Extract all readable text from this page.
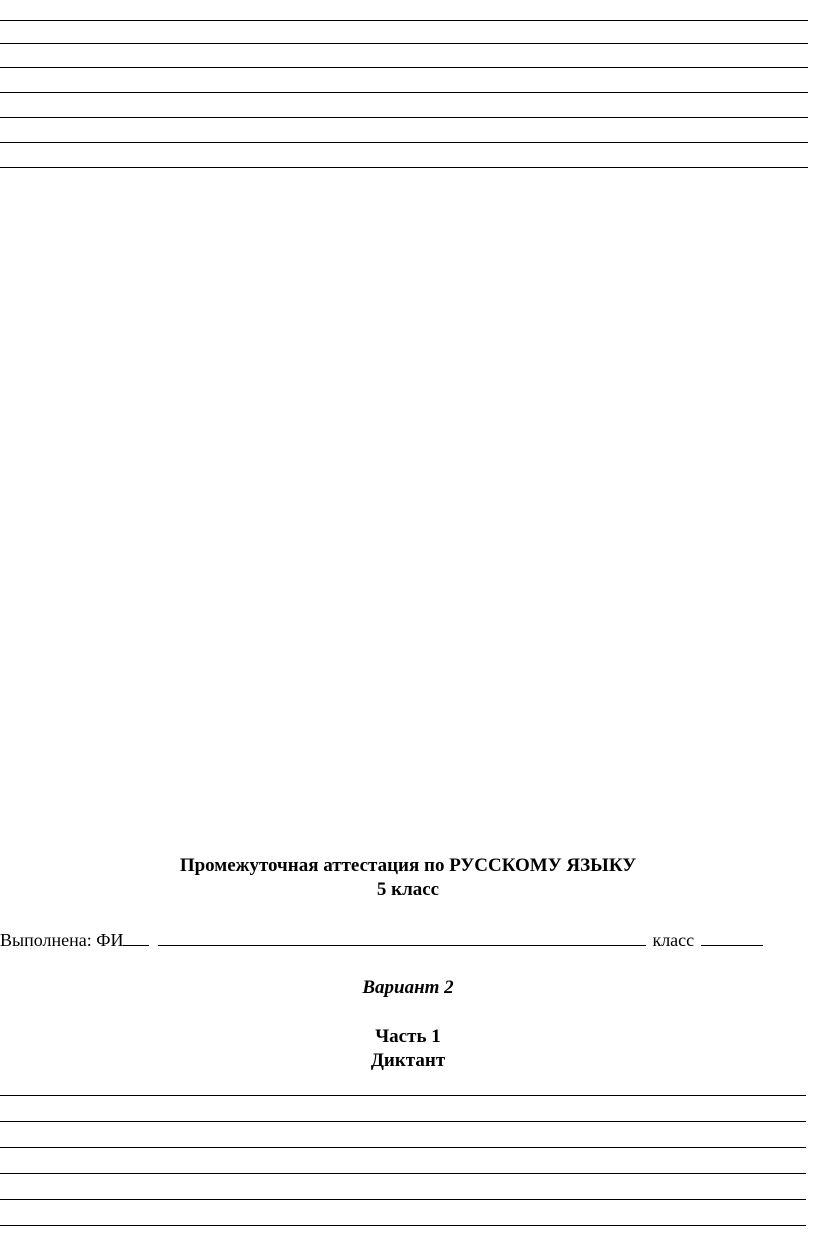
Промежуточная аттестация по РУССКОМУ ЯЗЫКУ
5 класс
Выполнена: ФИ	класс
Вариант 2
Часть 1
Диктант
